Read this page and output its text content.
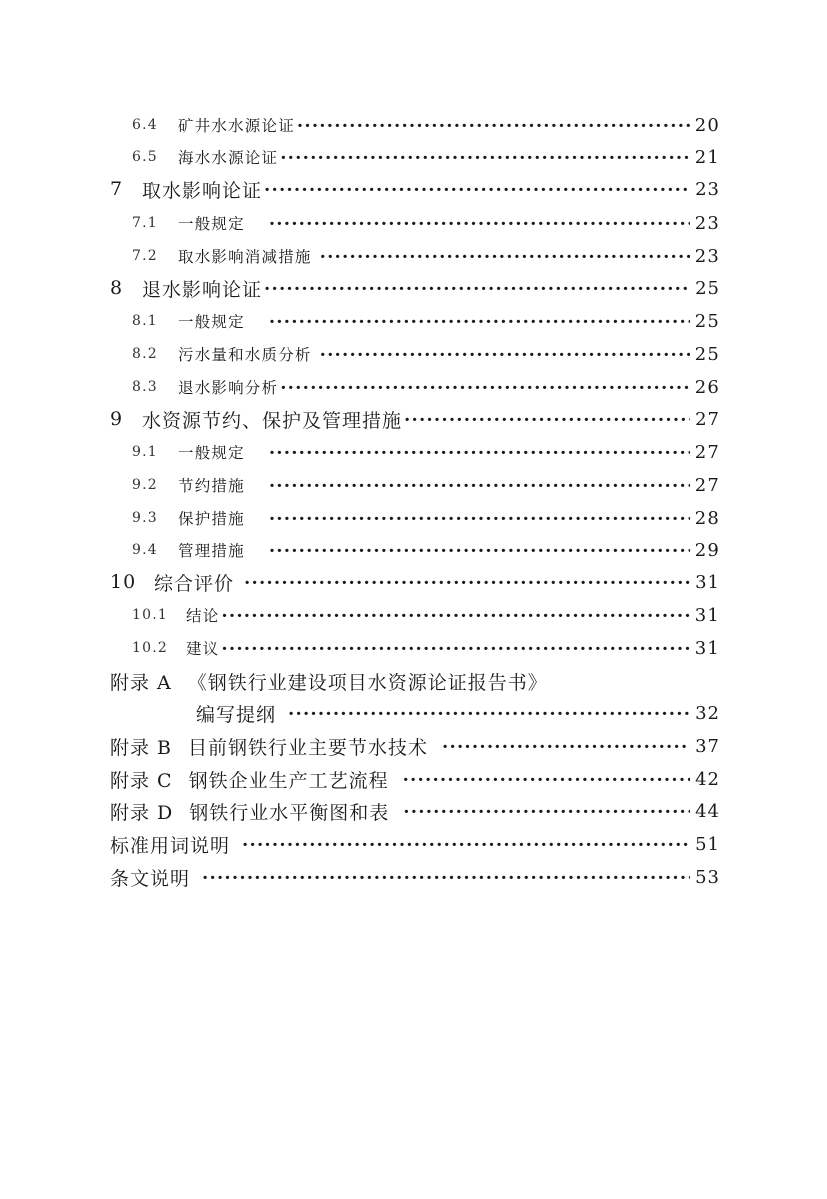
6.4	矿井水水源论证 ·····	20
6.5	海水水源论证 ·····	21
7 取水影响论证 ·····	23
7.1	一般规定 ·····	23
7.2	取水影响消减措施 ·····	23
8 退水影响论证 ·····	25
8.1	一般规定 ·····	25
8.2	污水量和水质分析 ·····	25
8.3	退水影响分析 ·····	26
9 水资源节约、保护及管理措施 ·····	27
9.1	一般规定 ·····	27
9.2	节约措施 ·····	27
9.3	保护措施 ·····	28
9.4	管理措施 ·····	29
10 综合评价 ·····	31
10.1	结论 ·····	31
10.2	建议 ·····	31
附录 A 《钢铁行业建设项目水资源论证报告书》
编写提纲 ·····	32
附录 B 目前钢铁行业主要节水技术 ·····	37
附录 C 钢铁企业生产工艺流程 ·····	42
附录 D 钢铁行业水平衡图和表 ·····	44
标准用词说明 ·····	51
条文说明 ·····	53
